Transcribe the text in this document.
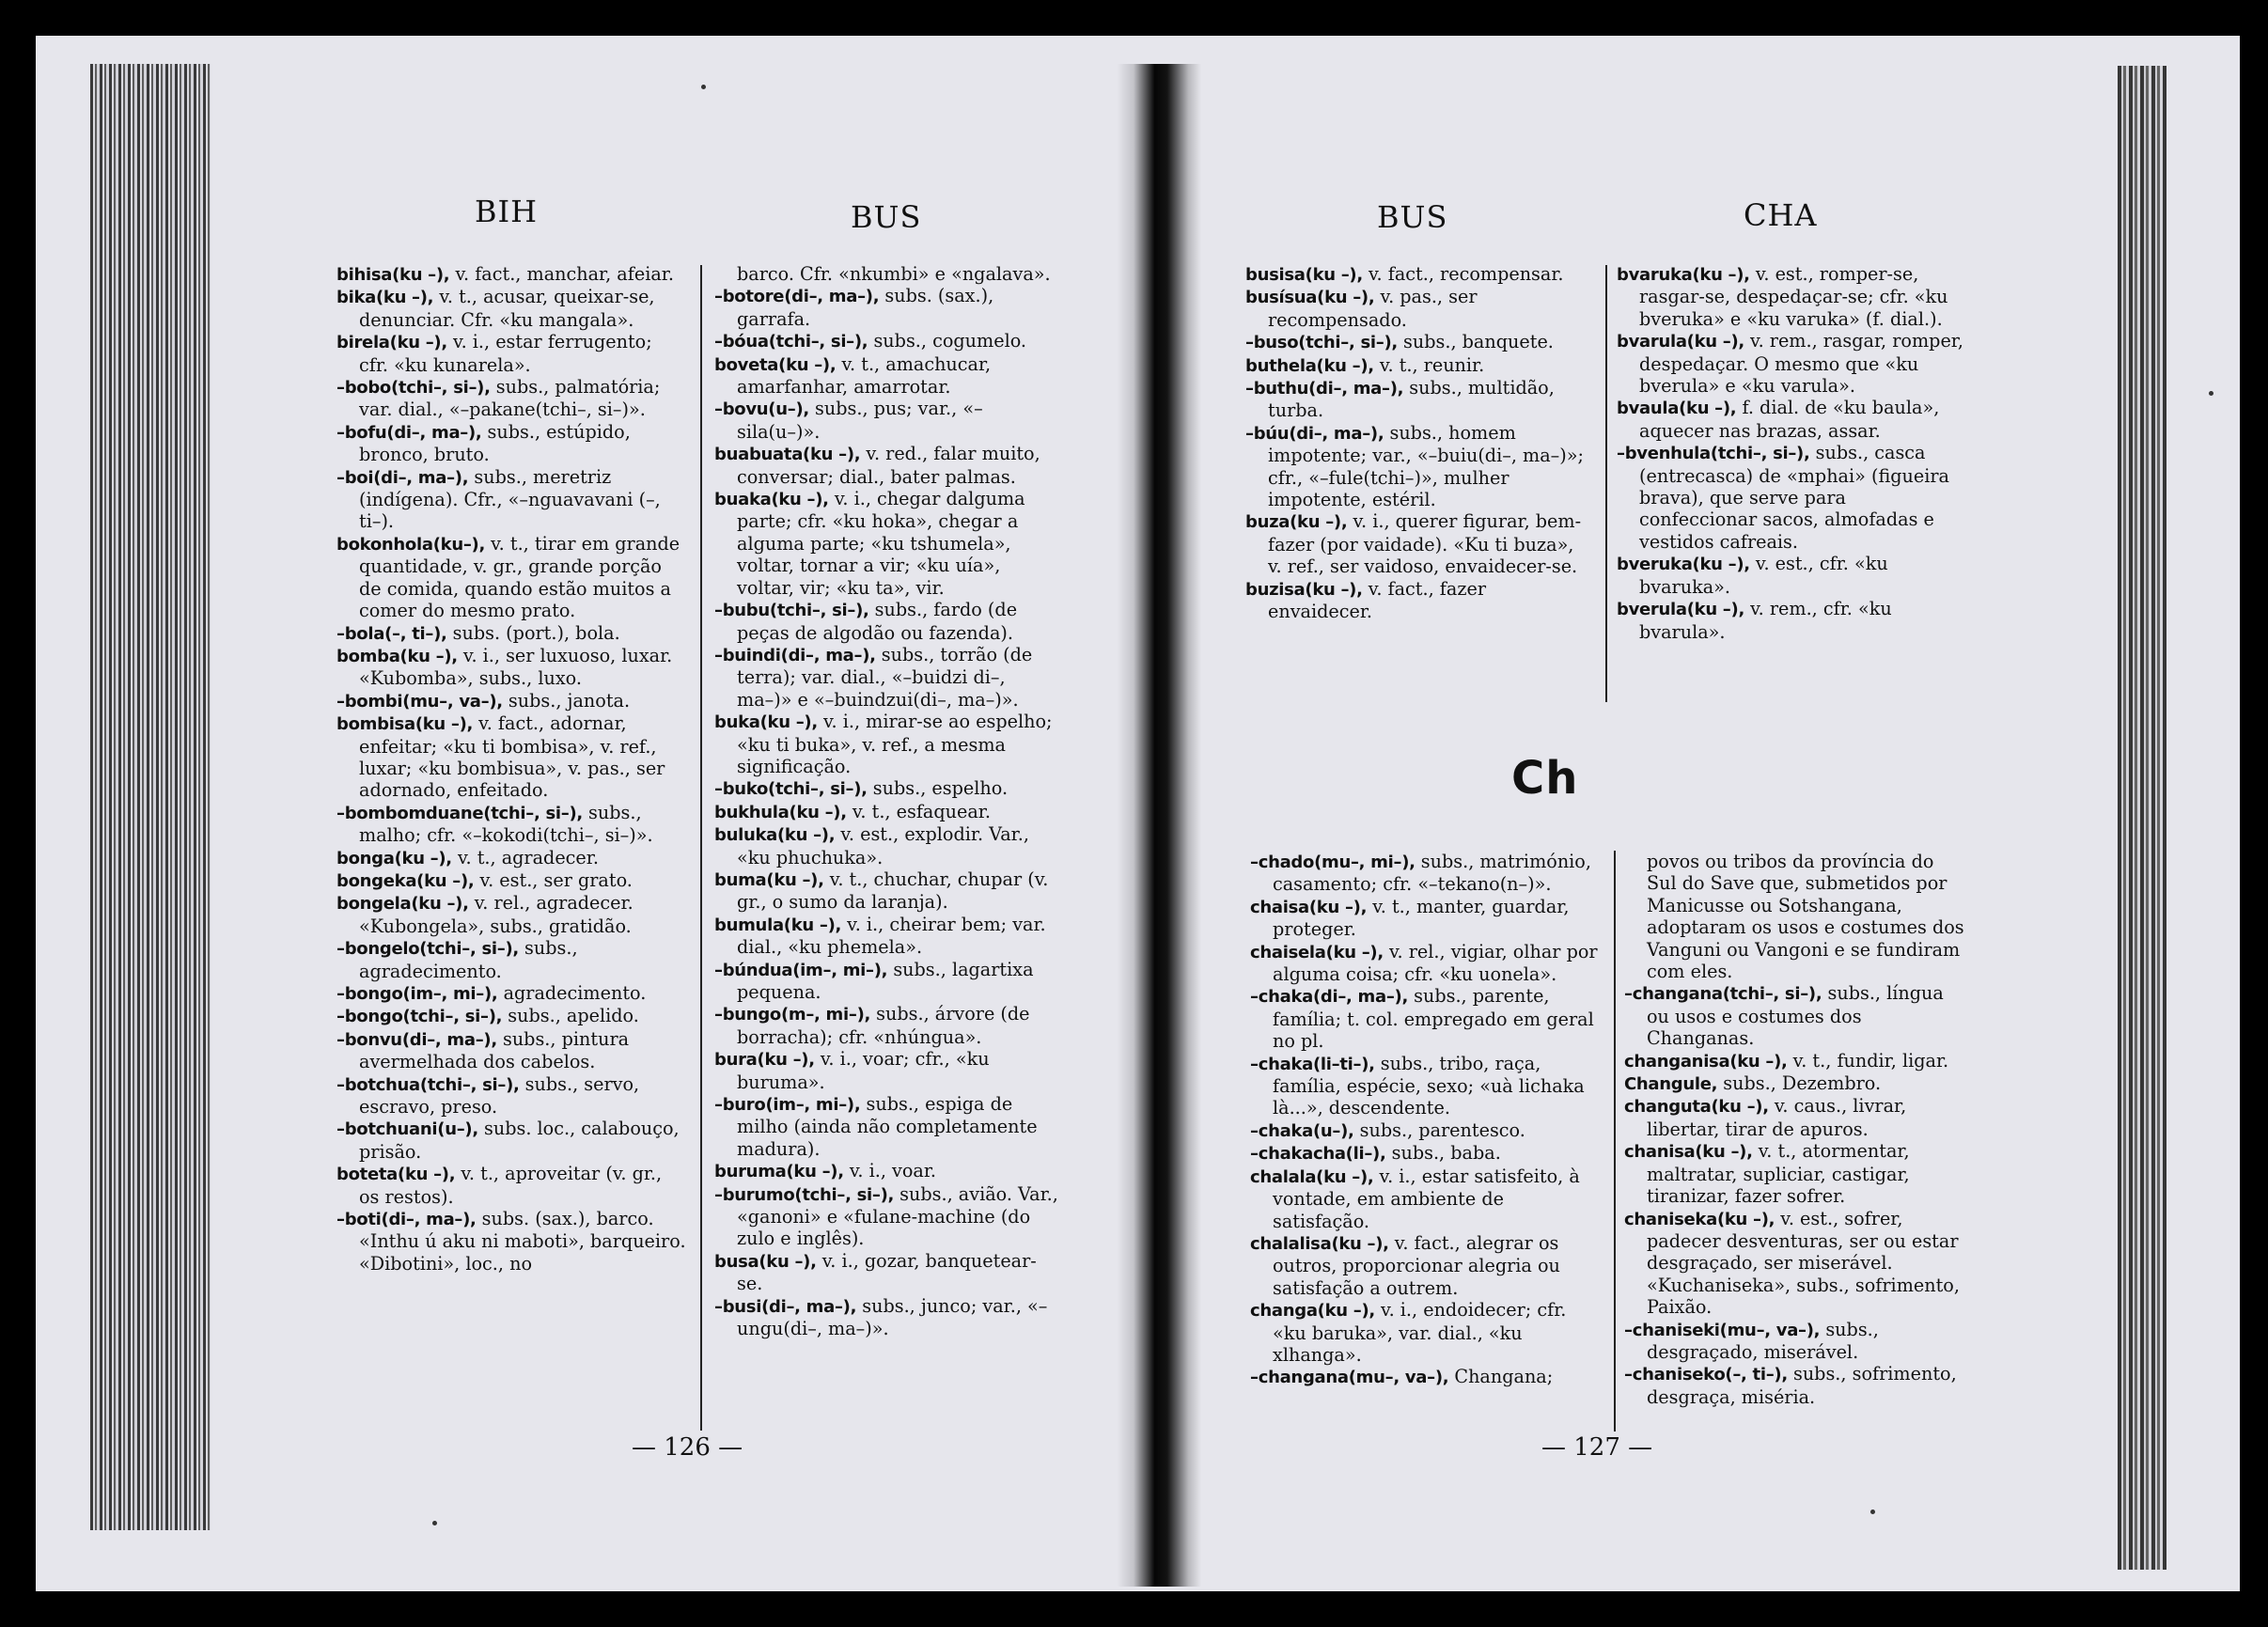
BIH	BUS	BUS	CHA

bihisa(ku –), v. fact., manchar, afeiar.

bika(ku –), v. t., acusar, queixar-se, denunciar. Cfr. «ku mangala».

birela(ku –), v. i., estar ferrugento; cfr. «ku kunarela».

–bobo(tchi–, si–), subs., palmatória; var. dial., «–pakane(tchi–, si–)».

–bofu(di–, ma–), subs., estúpido, bronco, bruto.

–boi(di–, ma–), subs., meretriz (indígena). Cfr., «–nguavavani (–, ti–).

bokonhola(ku–), v. t., tirar em grande quantidade, v. gr., grande porção de comida, quando estão muitos a comer do mesmo prato.

–bola(–, ti–), subs. (port.), bola.

bomba(ku –), v. i., ser luxuoso, luxar. «Kubomba», subs., luxo.

–bombi(mu–, va–), subs., janota.

bombisa(ku –), v. fact., adornar, enfeitar; «ku ti bombisa», v. ref., luxar; «ku bombisua», v. pas., ser adornado, enfeitado.

–bombomduane(tchi–, si–), subs., malho; cfr. «–kokodi(tchi–, si–)».

bonga(ku –), v. t., agradecer.

bongeka(ku –), v. est., ser grato.

bongela(ku –), v. rel., agradecer. «Kubongela», subs., gratidão.

–bongelo(tchi–, si–), subs., agradecimento.

–bongo(im–, mi–), agradecimento.

–bongo(tchi–, si–), subs., apelido.

–bonvu(di–, ma–), subs., pintura avermelhada dos cabelos.

–botchua(tchi–, si–), subs., servo, escravo, preso.

–botchuani(u–), subs. loc., calabouço, prisão.

boteta(ku –), v. t., aproveitar (v. gr., os restos).

–boti(di–, ma–), subs. (sax.), barco. «Inthu ú aku ni maboti», barqueiro. «Dibotini», loc., no

barco. Cfr. «nkumbi» e «ngalava».

–botore(di–, ma–), subs. (sax.), garrafa.

–bóua(tchi–, si–), subs., cogumelo.

boveta(ku –), v. t., amachucar, amarfanhar, amarrotar.

–bovu(u–), subs., pus; var., «–sila(u–)».

buabuata(ku –), v. red., falar muito, conversar; dial., bater palmas.

buaka(ku –), v. i., chegar dalguma parte; cfr. «ku hoka», chegar a alguma parte; «ku tshumela», voltar, tornar a vir; «ku uía», voltar, vir; «ku ta», vir.

–bubu(tchi–, si–), subs., fardo (de peças de algodão ou fazenda).

–buindi(di–, ma–), subs., torrão (de terra); var. dial., «–buidzi di–, ma–)» e «–buindzui(di–, ma–)».

buka(ku –), v. i., mirar-se ao espelho; «ku ti buka», v. ref., a mesma significação.

–buko(tchi–, si–), subs., espelho.

bukhula(ku –), v. t., esfaquear.

buluka(ku –), v. est., explodir. Var., «ku phuchuka».

buma(ku –), v. t., chuchar, chupar (v. gr., o sumo da laranja).

bumula(ku –), v. i., cheirar bem; var. dial., «ku phemela».

–búndua(im–, mi–), subs., lagartixa pequena.

–bungo(m–, mi–), subs., árvore (de borracha); cfr. «nhúngua».

bura(ku –), v. i., voar; cfr., «ku buruma».

–buro(im–, mi–), subs., espiga de milho (ainda não completamente madura).

buruma(ku –), v. i., voar.

–burumo(tchi–, si–), subs., avião. Var., «ganoni» e «fulane-machine (do zulo e inglês).

busa(ku –), v. i., gozar, banquetear-se.

–busi(di–, ma–), subs., junco; var., «–ungu(di–, ma–)».

busisa(ku –), v. fact., recompensar.

busísua(ku –), v. pas., ser recompensado.

–buso(tchi–, si–), subs., banquete.

buthela(ku –), v. t., reunir.

–buthu(di–, ma–), subs., multidão, turba.

–búu(di–, ma–), subs., homem impotente; var., «–buiu(di–, ma–)»; cfr., «–fule(tchi–)», mulher impotente, estéril.

buza(ku –), v. i., querer figurar, bem-fazer (por vaidade). «Ku ti buza», v. ref., ser vaidoso, envaidecer-se.

buzisa(ku –), v. fact., fazer envaidecer.

bvaruka(ku –), v. est., romper-se, rasgar-se, despedaçar-se; cfr. «ku bveruka» e «ku varuka» (f. dial.).

bvarula(ku –), v. rem., rasgar, romper, despedaçar. O mesmo que «ku bverula» e «ku varula».

bvaula(ku –), f. dial. de «ku baula», aquecer nas brazas, assar.

–bvenhula(tchi–, si–), subs., casca (entrecasca) de «mphai» (figueira brava), que serve para confeccionar sacos, almofadas e vestidos cafreais.

bveruka(ku –), v. est., cfr. «ku bvaruka».

bverula(ku –), v. rem., cfr. «ku bvarula».

Ch

–chado(mu–, mi–), subs., matrimónio, casamento; cfr. «–tekano(n–)».

chaisa(ku –), v. t., manter, guardar, proteger.

chaisela(ku –), v. rel., vigiar, olhar por alguma coisa; cfr. «ku uonela».

–chaka(di–, ma–), subs., parente, família; t. col. empregado em geral no pl.

–chaka(li–ti–), subs., tribo, raça, família, espécie, sexo; «uà lichaka là...», descendente.

–chaka(u–), subs., parentesco.

–chakacha(li–), subs., baba.

chalala(ku –), v. i., estar satisfeito, à vontade, em ambiente de satisfação.

chalalisa(ku –), v. fact., alegrar os outros, proporcionar alegria ou satisfação a outrem.

changa(ku –), v. i., endoidecer; cfr. «ku baruka», var. dial., «ku xlhanga».

–changana(mu–, va–), Changana;

povos ou tribos da província do Sul do Save que, submetidos por Manicusse ou Sotshangana, adoptaram os usos e costumes dos Vanguni ou Vangoni e se fundiram com eles.

–changana(tchi–, si–), subs., língua ou usos e costumes dos Changanas.

changanisa(ku –), v. t., fundir, ligar.

Changule, subs., Dezembro.

changuta(ku –), v. caus., livrar, libertar, tirar de apuros.

chanisa(ku –), v. t., atormentar, maltratar, supliciar, castigar, tiranizar, fazer sofrer.

chaniseka(ku –), v. est., sofrer, padecer desventuras, ser ou estar desgraçado, ser miserável. «Kuchaniseka», subs., sofrimento, Paixão.

–chaniseki(mu–, va–), subs., desgraçado, miserável.

–chaniseko(–, ti–), subs., sofrimento, desgraça, miséria.

— 126 —	— 127 —
